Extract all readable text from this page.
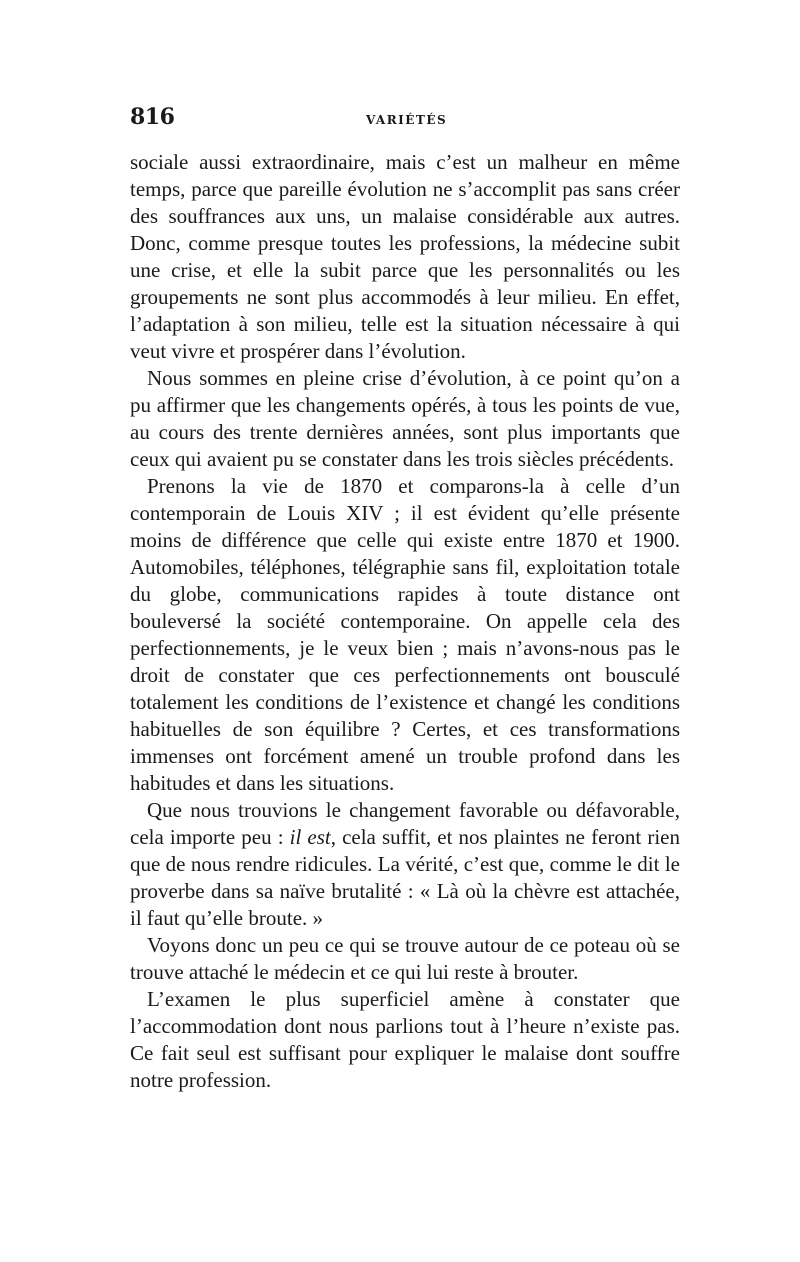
816	VARIÉTÉS

sociale aussi extraordinaire, mais c’est un malheur en même temps, parce que pareille évolution ne s’accomplit pas sans créer des souffrances aux uns, un malaise considérable aux autres. Donc, comme presque toutes les professions, la médecine subit une crise, et elle la subit parce que les personnalités ou les groupements ne sont plus accommodés à leur milieu. En effet, l’adaptation à son milieu, telle est la situation nécessaire à qui veut vivre et prospérer dans l’évolution.

Nous sommes en pleine crise d’évolution, à ce point qu’on a pu affirmer que les changements opérés, à tous les points de vue, au cours des trente dernières années, sont plus importants que ceux qui avaient pu se constater dans les trois siècles précédents.

Prenons la vie de 1870 et comparons-la à celle d’un contemporain de Louis XIV ; il est évident qu’elle présente moins de différence que celle qui existe entre 1870 et 1900. Automobiles, téléphones, télégraphie sans fil, exploitation totale du globe, communications rapides à toute distance ont bouleversé la société contemporaine. On appelle cela des perfectionnements, je le veux bien ; mais n’avons-nous pas le droit de constater que ces perfectionnements ont bousculé totalement les conditions de l’existence et changé les conditions habituelles de son équilibre ? Certes, et ces transformations immenses ont forcément amené un trouble profond dans les habitudes et dans les situations.

Que nous trouvions le changement favorable ou défavorable, cela importe peu : il est, cela suffit, et nos plaintes ne feront rien que de nous rendre ridicules. La vérité, c’est que, comme le dit le proverbe dans sa naïve brutalité : « Là où la chèvre est attachée, il faut qu’elle broute. »

Voyons donc un peu ce qui se trouve autour de ce poteau où se trouve attaché le médecin et ce qui lui reste à brouter.

L’examen le plus superficiel amène à constater que l’accommodation dont nous parlions tout à l’heure n’existe pas. Ce fait seul est suffisant pour expliquer le malaise dont souffre notre profession.
